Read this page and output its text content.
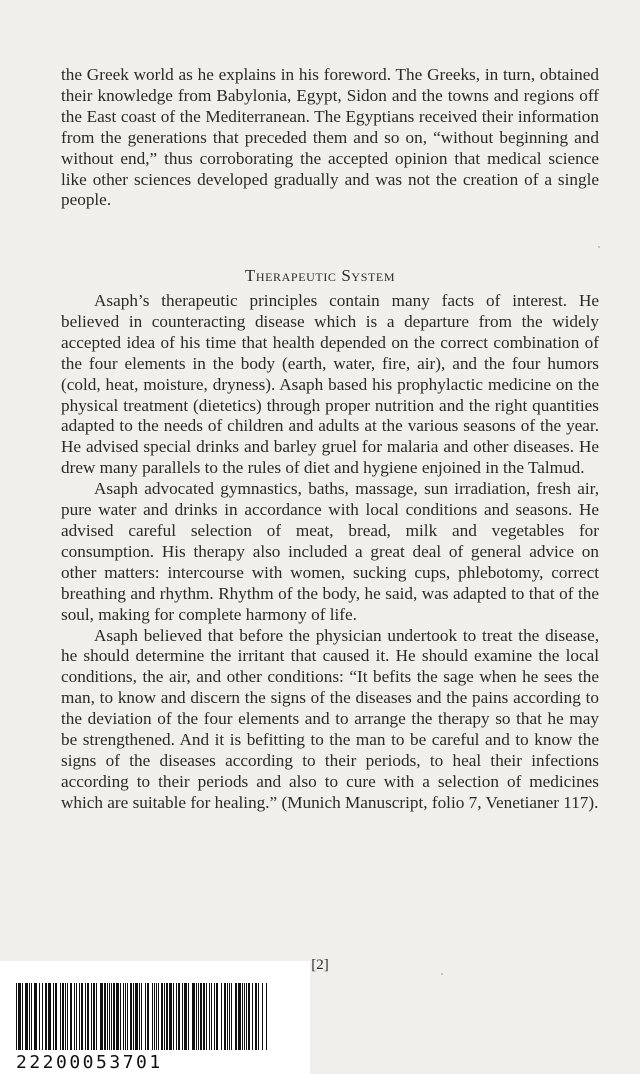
the Greek world as he explains in his foreword. The Greeks, in turn, obtained their knowledge from Babylonia, Egypt, Sidon and the towns and regions off the East coast of the Mediterranean. The Egyptians received their information from the generations that preceded them and so on, “without beginning and without end,” thus corroborating the accepted opinion that medical science like other sciences developed gradually and was not the creation of a single people.

Therapeutic System

Asaph’s therapeutic principles contain many facts of interest. He believed in counteracting disease which is a departure from the widely accepted idea of his time that health depended on the correct combination of the four elements in the body (earth, water, fire, air), and the four humors (cold, heat, moisture, dryness). Asaph based his prophylactic medicine on the physical treatment (dietetics) through proper nutrition and the right quantities adapted to the needs of children and adults at the various seasons of the year. He advised special drinks and barley gruel for malaria and other diseases. He drew many parallels to the rules of diet and hygiene enjoined in the Talmud.

Asaph advocated gymnastics, baths, massage, sun irradiation, fresh air, pure water and drinks in accordance with local conditions and seasons. He advised careful selection of meat, bread, milk and vegetables for consumption. His therapy also included a great deal of general advice on other matters: intercourse with women, sucking cups, phlebotomy, correct breathing and rhythm. Rhythm of the body, he said, was adapted to that of the soul, making for complete harmony of life.

Asaph believed that before the physician undertook to treat the disease, he should determine the irritant that caused it. He should examine the local conditions, the air, and other conditions: “It befits the sage when he sees the man, to know and discern the signs of the diseases and the pains according to the deviation of the four elements and to arrange the therapy so that he may be strengthened. And it is befitting to the man to be careful and to know the signs of the diseases according to their periods, to heal their infections according to their periods and also to cure with a selection of medicines which are suitable for healing.” (Munich Manuscript, folio 7, Venetianer 117).

[2]
22200053701
